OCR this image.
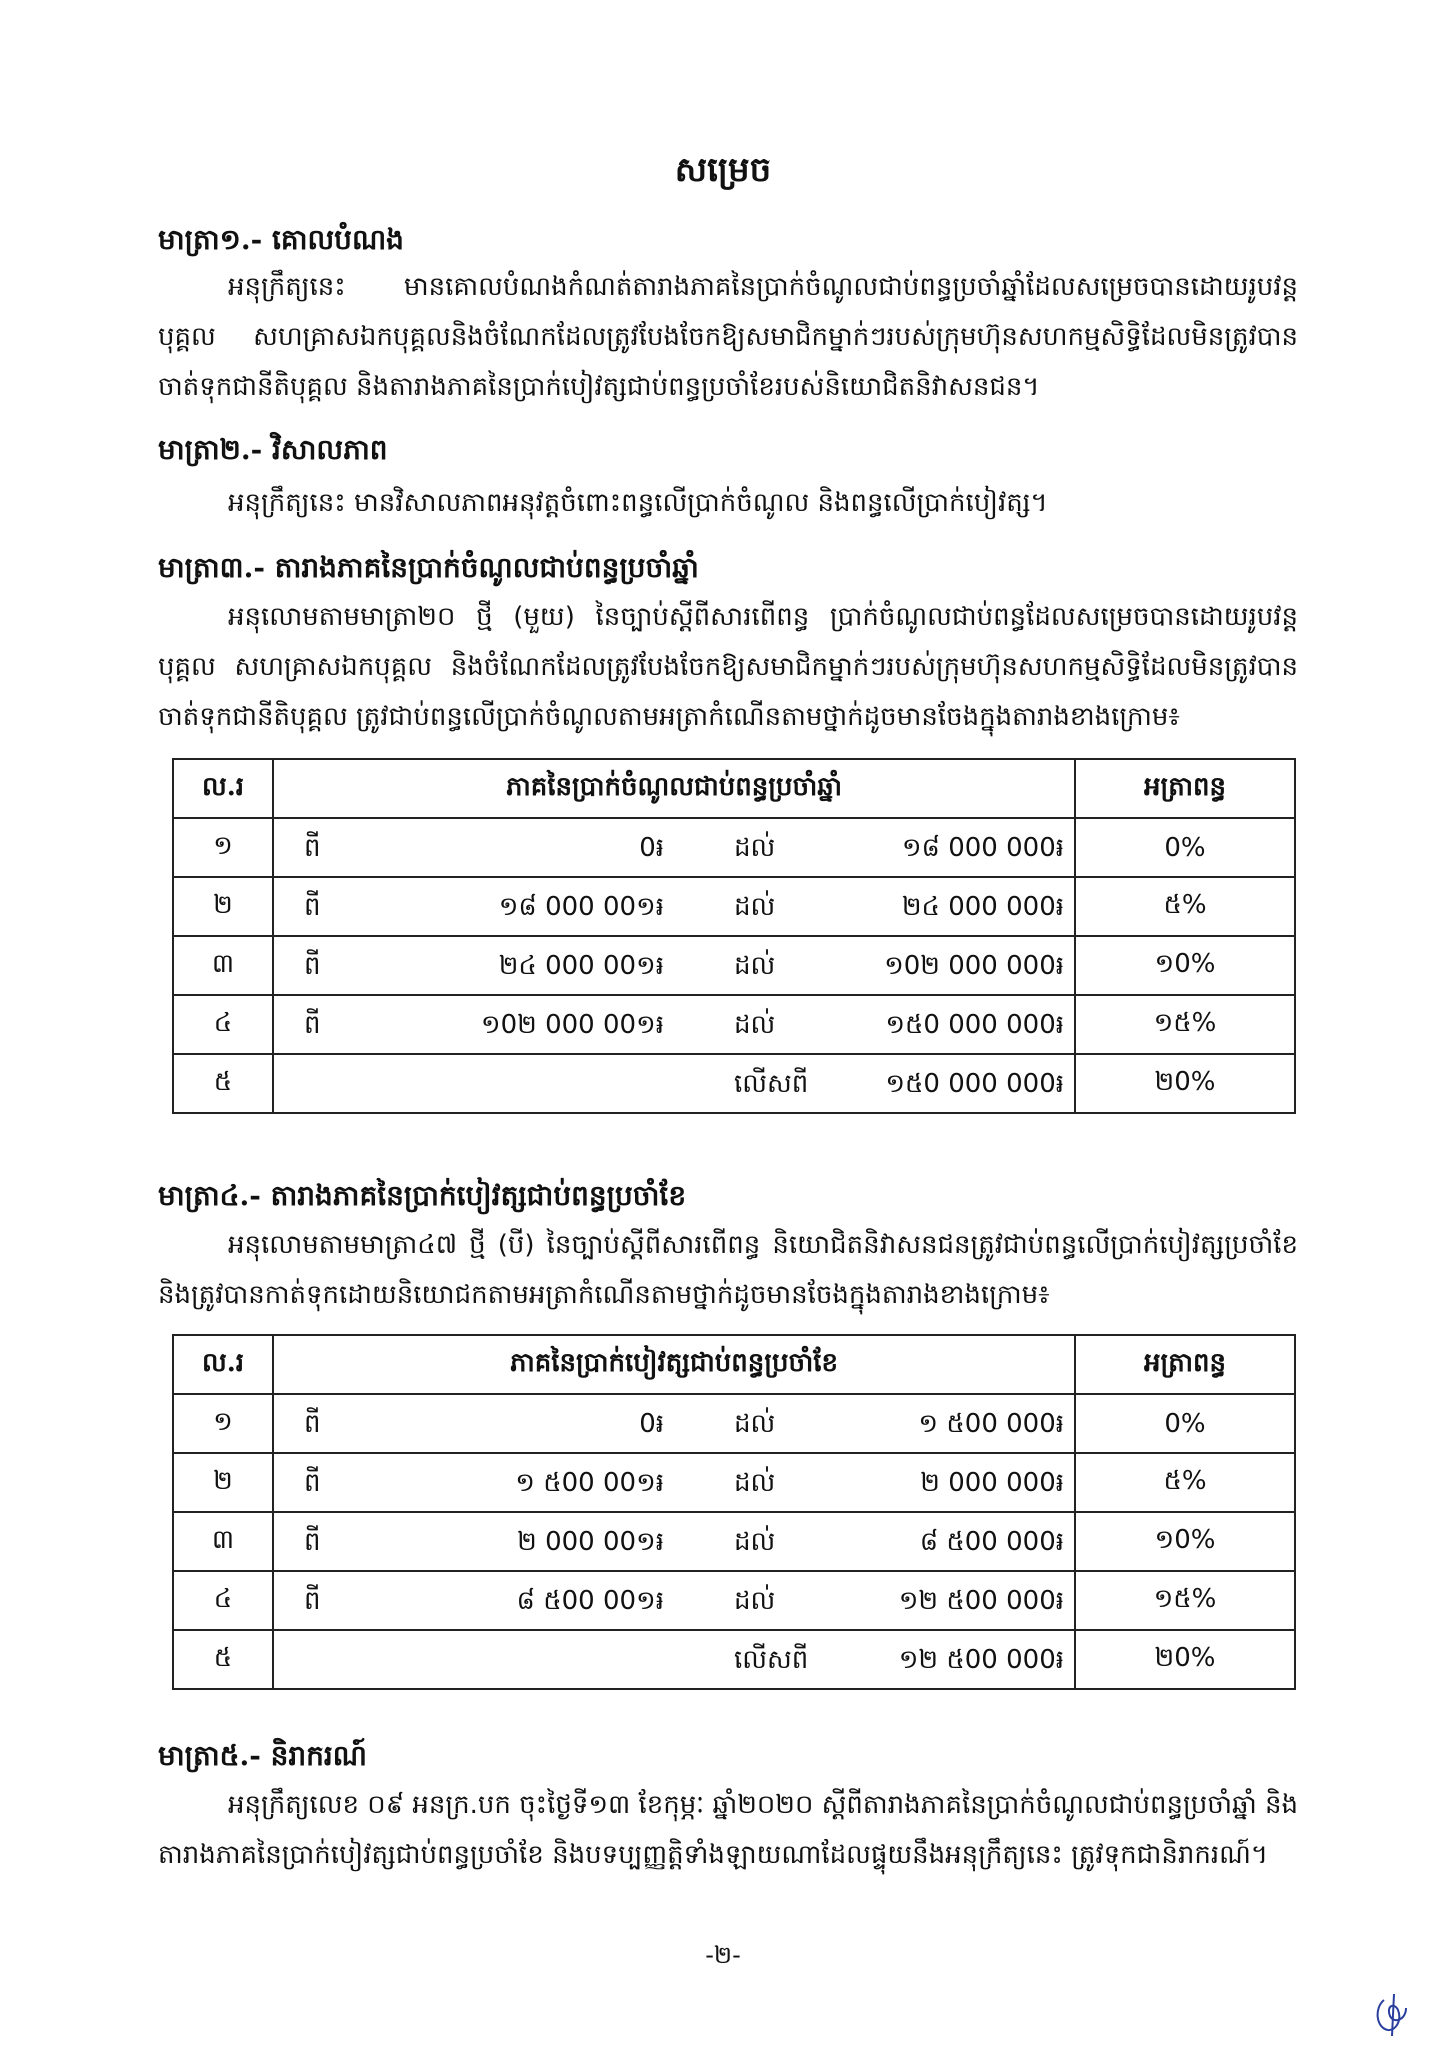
សម្រេច
មាត្រា១.- គោលបំណង
អនុក្រឹត្យនេះ មានគោលបំណងកំណត់តារាងភាគនៃប្រាក់ចំណូលជាប់ពន្ធប្រចាំឆ្នាំដែលសម្រេចបានដោយរូបវន្តបុគ្គល សហគ្រាសឯកបុគ្គលនិងចំណែកដែលត្រូវបែងចែកឱ្យសមាជិកម្នាក់ៗរបស់ក្រុមហ៊ុនសហកម្មសិទ្ធិដែលមិនត្រូវបានចាត់ទុកជានីតិបុគ្គល និងតារាងភាគនៃប្រាក់បៀវត្សជាប់ពន្ធប្រចាំខែរបស់និយោជិតនិវាសនជន។
មាត្រា២.- វិសាលភាព
អនុក្រឹត្យនេះ មានវិសាលភាពអនុវត្តចំពោះពន្ធលើប្រាក់ចំណូល និងពន្ធលើប្រាក់បៀវត្ស។
មាត្រា៣.- តារាងភាគនៃប្រាក់ចំណូលជាប់ពន្ធប្រចាំឆ្នាំ
អនុលោមតាមមាត្រា២០ ថ្មី (មួយ) នៃច្បាប់ស្តីពីសារពើពន្ធ ប្រាក់ចំណូលជាប់ពន្ធដែលសម្រេចបានដោយរូបវន្តបុគ្គល សហគ្រាសឯកបុគ្គល និងចំណែកដែលត្រូវបែងចែកឱ្យសមាជិកម្នាក់ៗរបស់ក្រុមហ៊ុនសហកម្មសិទ្ធិដែលមិនត្រូវបានចាត់ទុកជានីតិបុគ្គល ត្រូវជាប់ពន្ធលើប្រាក់ចំណូលតាមអត្រាកំណើនតាមថ្នាក់ដូចមានចែងក្នុងតារាងខាងក្រោម៖
ល.រ	ភាគនៃប្រាក់ចំណូលជាប់ពន្ធប្រចាំឆ្នាំ	អត្រាពន្ធ
១	ពី 0៛ ដល់ ១៨ 000 000៛	0%
២	ពី ១៨ 000 00១៛ ដល់ ២៤ 000 000៛	៥%
៣	ពី ២៤ 000 00១៛ ដល់ ១0២ 000 000៛	១0%
៤	ពី ១0២ 000 00១៛ ដល់ ១៥0 000 000៛	១៥%
៥	លើសពី ១៥0 000 000៛	២0%
មាត្រា៤.- តារាងភាគនៃប្រាក់បៀវត្សជាប់ពន្ធប្រចាំខែ
អនុលោមតាមមាត្រា៤៧ ថ្មី (បី) នៃច្បាប់ស្តីពីសារពើពន្ធ និយោជិតនិវាសនជនត្រូវជាប់ពន្ធលើប្រាក់បៀវត្សប្រចាំខែ និងត្រូវបានកាត់ទុកដោយនិយោជកតាមអត្រាកំណើនតាមថ្នាក់ដូចមានចែងក្នុងតារាងខាងក្រោម៖
ល.រ	ភាគនៃប្រាក់បៀវត្សជាប់ពន្ធប្រចាំខែ	អត្រាពន្ធ
១	ពី 0៛ ដល់ ១ ៥00 000៛	0%
២	ពី ១ ៥00 00១៛ ដល់ ២ 000 000៛	៥%
៣	ពី ២ 000 00១៛ ដល់ ៨ ៥00 000៛	១0%
៤	ពី ៨ ៥00 00១៛ ដល់ ១២ ៥00 000៛	១៥%
៥	លើសពី ១២ ៥00 000៛	២0%
មាត្រា៥.- និរាករណ៍
អនុក្រឹត្យលេខ ០៩ អនក្រ.បក ចុះថ្ងៃទី១៣ ខែកុម្ភៈ ឆ្នាំ២០២០ ស្តីពីតារាងភាគនៃប្រាក់ចំណូលជាប់ពន្ធប្រចាំឆ្នាំ និងតារាងភាគនៃប្រាក់បៀវត្សជាប់ពន្ធប្រចាំខែ និងបទប្បញ្ញត្តិទាំងឡាយណាដែលផ្ទុយនឹងអនុក្រឹត្យនេះ ត្រូវទុកជានិរាករណ៍។
-២-
